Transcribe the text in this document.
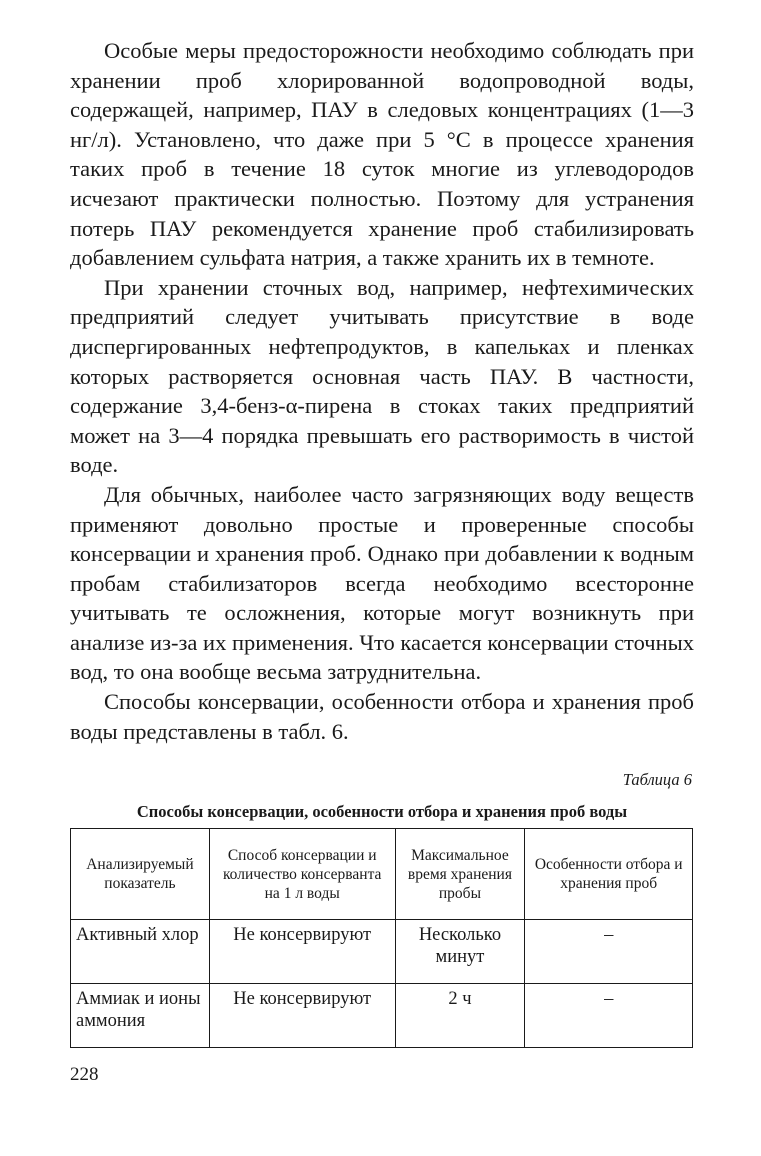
Особые меры предосторожности необходимо соблюдать при хранении проб хлорированной водопроводной воды, содержащей, например, ПАУ в следовых концентрациях (1—3 нг/л). Установлено, что даже при 5 °С в процессе хранения таких проб в течение 18 суток многие из углеводородов исчезают практически полностью. Поэтому для устранения потерь ПАУ рекомендуется хранение проб стабилизировать добавлением сульфата натрия, а также хранить их в темноте.

При хранении сточных вод, например, нефтехимических предприятий следует учитывать присутствие в воде диспергированных нефтепродуктов, в капельках и пленках которых растворяется основная часть ПАУ. В частности, содержание 3,4-бенз-α-пирена в стоках таких предприятий может на 3—4 порядка превышать его растворимость в чистой воде.

Для обычных, наиболее часто загрязняющих воду веществ применяют довольно простые и проверенные способы консервации и хранения проб. Однако при добавлении к водным пробам стабилизаторов всегда необходимо всесторонне учитывать те осложнения, которые могут возникнуть при анализе из-за их применения. Что касается консервации сточных вод, то она вообще весьма затруднительна.

Способы консервации, особенности отбора и хранения проб воды представлены в табл. 6.

Таблица 6
Способы консервации, особенности отбора и хранения проб воды
Анализируемый показатель	Способ консервации и количество консерванта на 1 л воды	Максимальное время хранения пробы	Особенности отбора и хранения проб
Активный хлор	Не консервируют	Несколько минут	–
Аммиак и ионы аммония	Не консервируют	2 ч	–
228
